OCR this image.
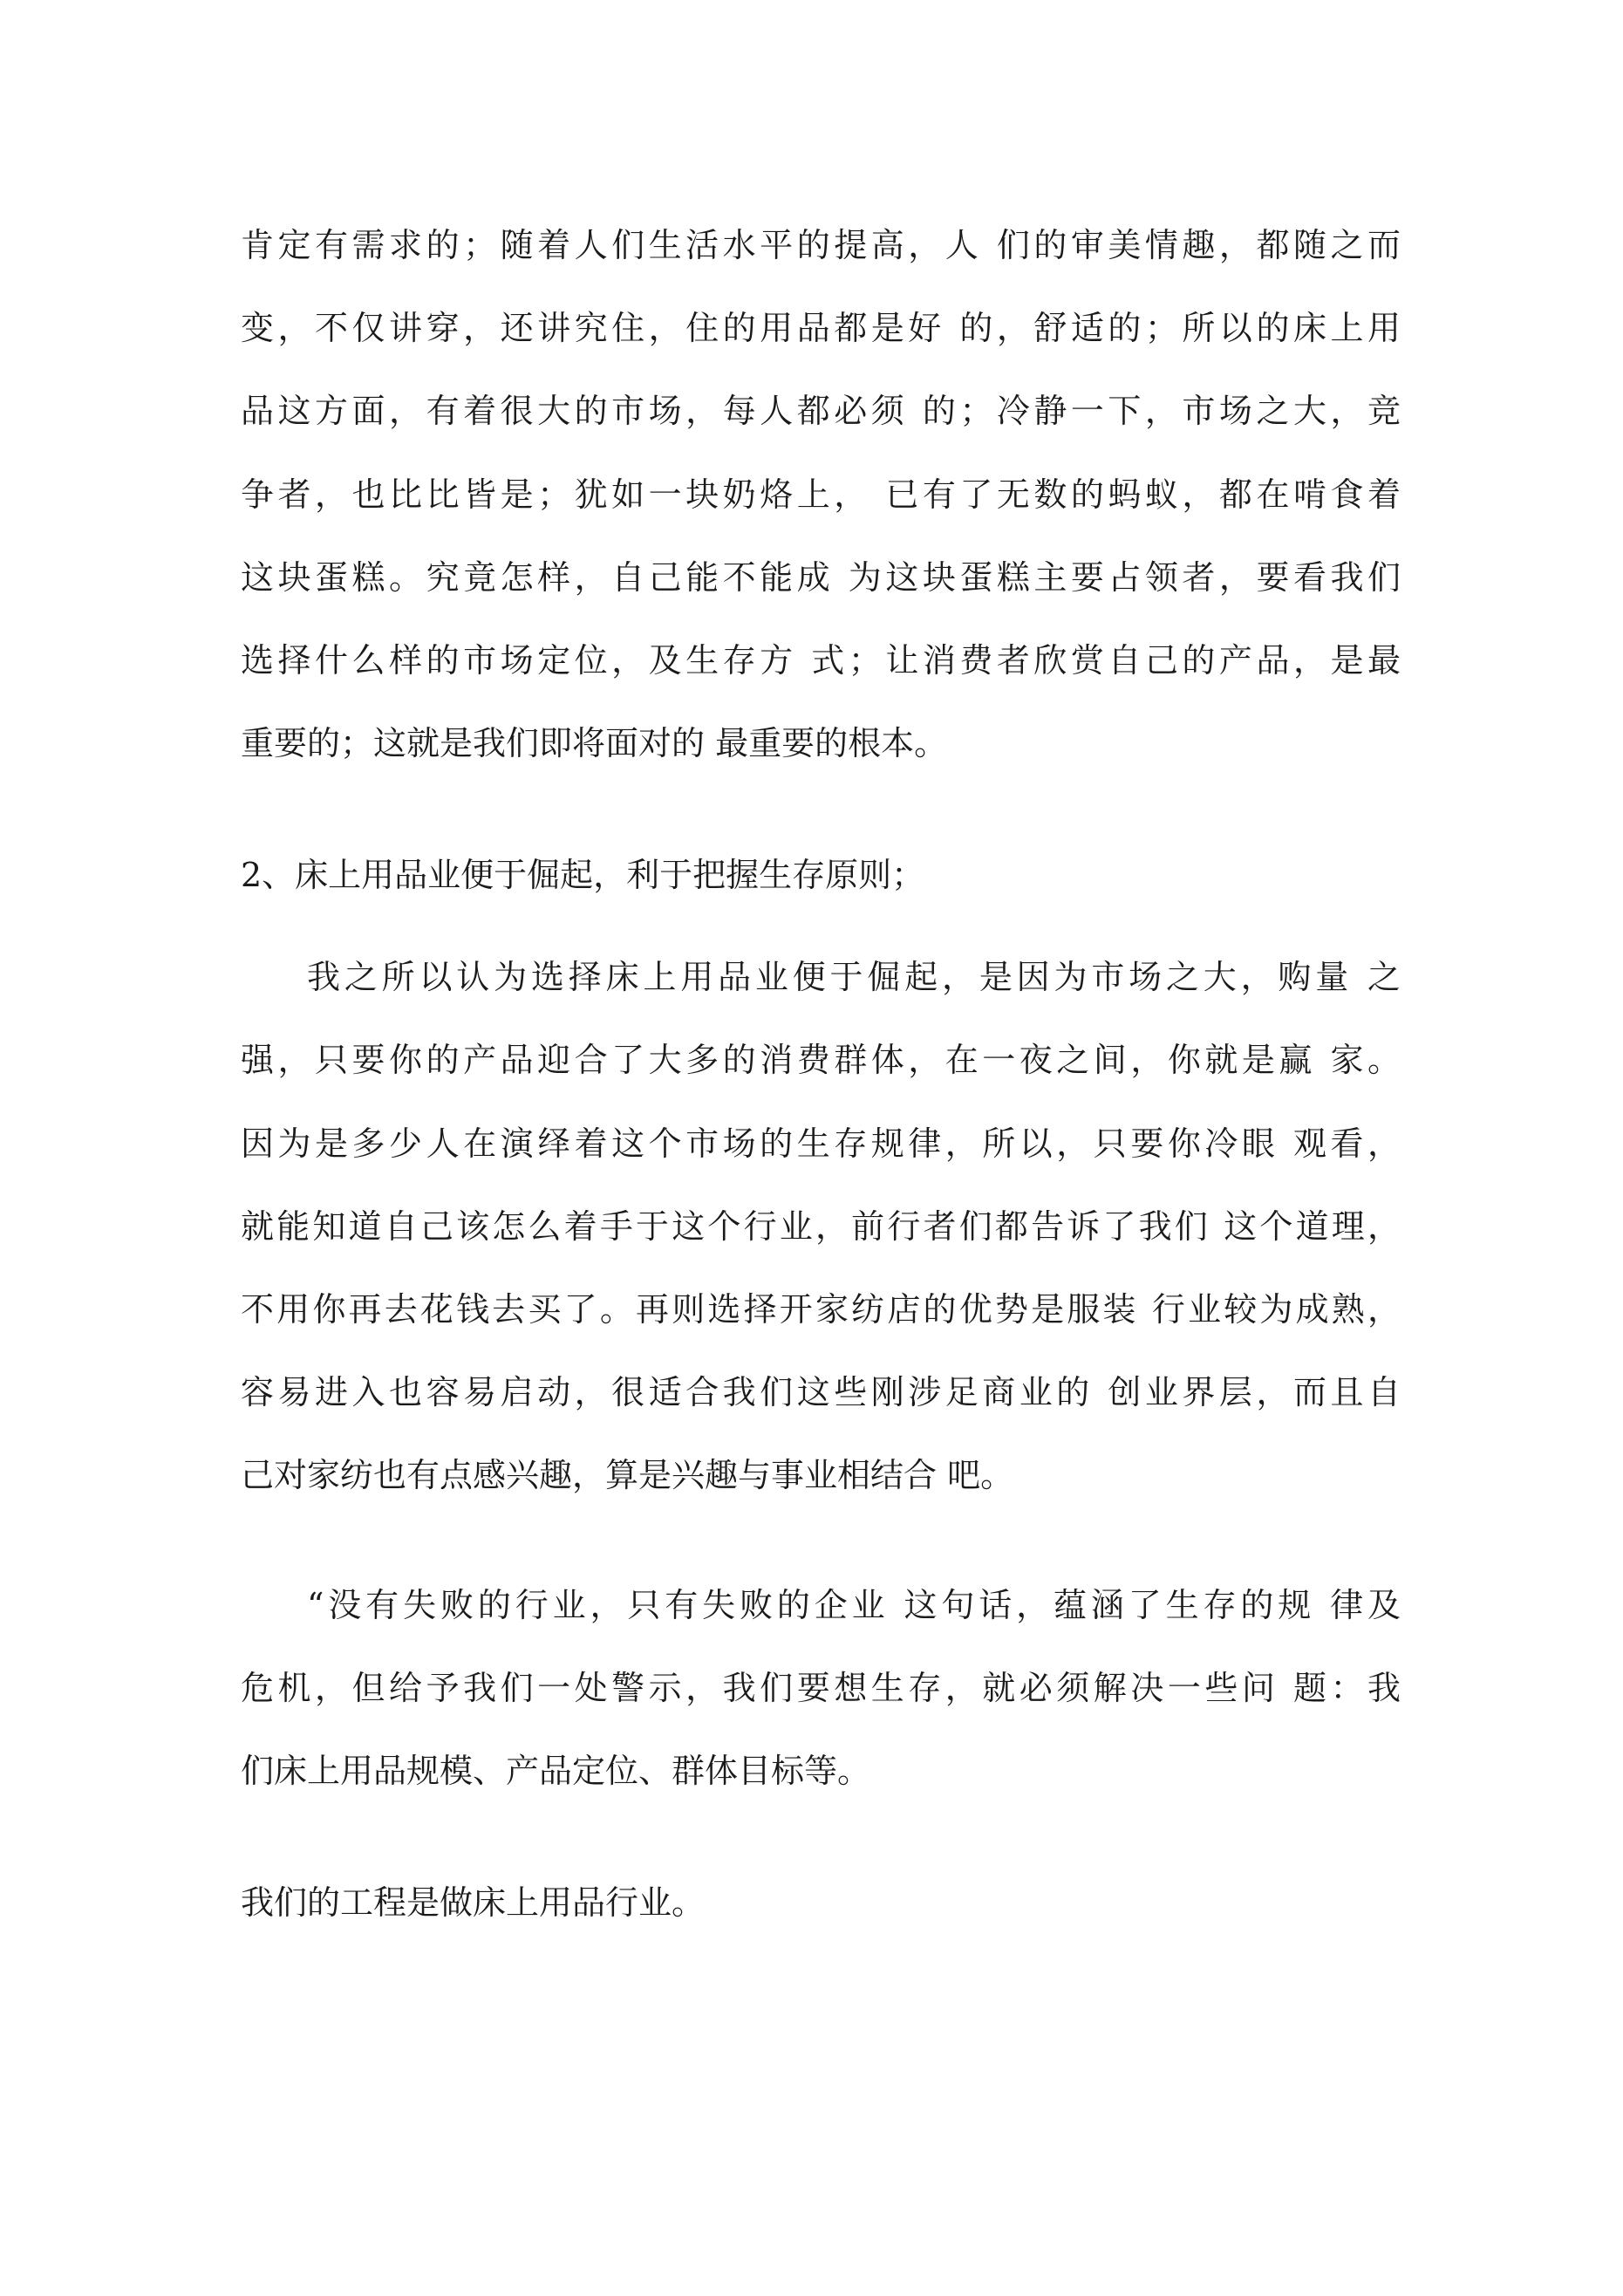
肯定有需求的；随着人们生活水平的提高，人 们的审美情趣，都随之而
变，不仅讲穿，还讲究住，住的用品都是好 的，舒适的；所以的床上用
品这方面，有着很大的市场，每人都必须 的；冷静一下，市场之大，竞
争者，也比比皆是；犹如一块奶烙上， 已有了无数的蚂蚁，都在啃食着
这块蛋糕。究竟怎样，自己能不能成 为这块蛋糕主要占领者，要看我们
选择什么样的市场定位，及生存方 式；让消费者欣赏自己的产品，是最
重要的；这就是我们即将面对的 最重要的根本。
2、床上用品业便于倔起，利于把握生存原则；
我之所以认为选择床上用品业便于倔起，是因为市场之大，购量 之
强，只要你的产品迎合了大多的消费群体，在一夜之间，你就是赢 家。
因为是多少人在演绎着这个市场的生存规律，所以，只要你冷眼 观看，
就能知道自己该怎么着手于这个行业，前行者们都告诉了我们 这个道理，
不用你再去花钱去买了。再则选择开家纺店的优势是服装 行业较为成熟，
容易进入也容易启动，很适合我们这些刚涉足商业的 创业界层，而且自
己对家纺也有点感兴趣，算是兴趣与事业相结合 吧。
“没有失败的行业，只有失败的企业 这句话，蕴涵了生存的规 律及
危机，但给予我们一处警示，我们要想生存，就必须解决一些问 题：我
们床上用品规模、产品定位、群体目标等。
我们的工程是做床上用品行业。
